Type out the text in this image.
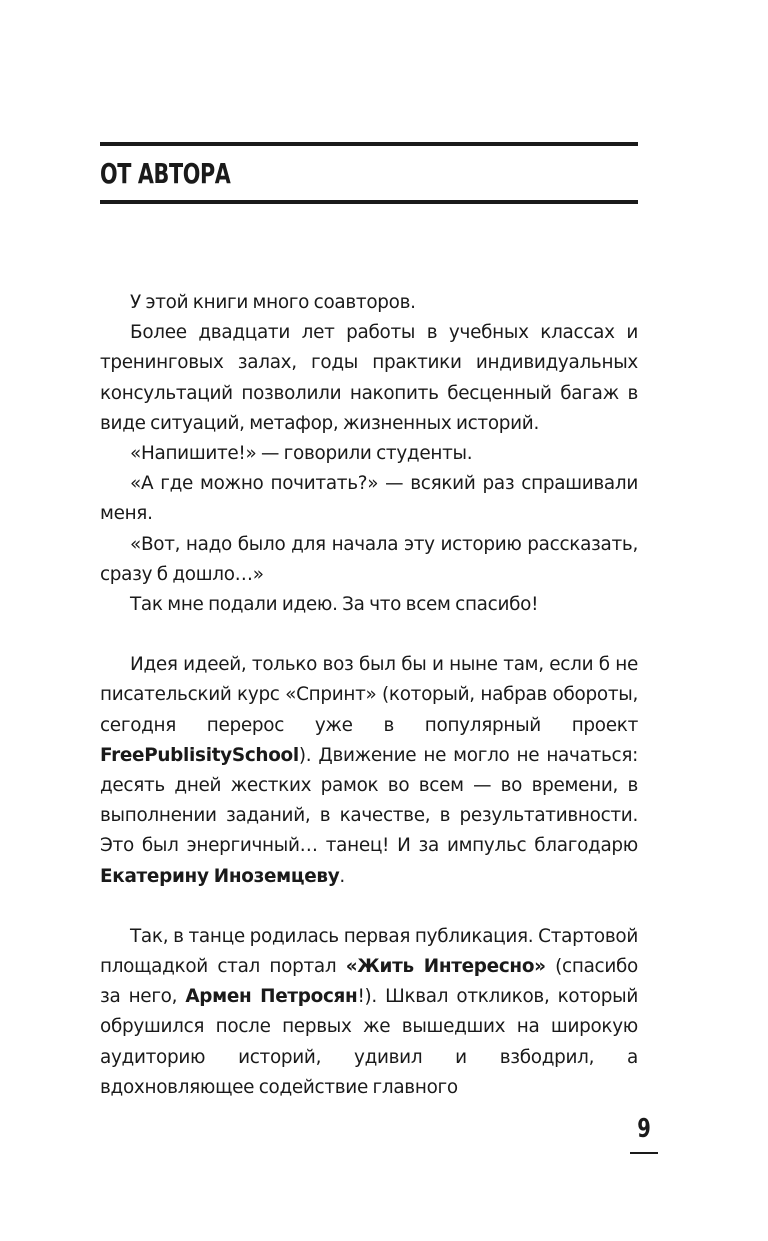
ОТ АВТОРА

У этой книги много соавторов.

Более двадцати лет работы в учебных классах и тренинговых залах, годы практики индивидуальных консультаций позволили накопить бесценный багаж в виде ситуаций, метафор, жизненных историй.

«Напишите!» — говорили студенты.

«А где можно почитать?» — всякий раз спрашивали меня.

«Вот, надо было для начала эту историю рассказать, сразу б дошло…»

Так мне подали идею. За что всем спасибо!

Идея идеей, только воз был бы и ныне там, если б не писательский курс «Спринт» (который, набрав обороты, сегодня перерос уже в популярный проект FreePublisitySchool). Движение не могло не начаться: десять дней жестких рамок во всем — во времени, в выполнении заданий, в качестве, в результативности. Это был энергичный… танец! И за импульс благодарю Екатерину Иноземцеву.

Так, в танце родилась первая публикация. Стартовой площадкой стал портал «Жить Интересно» (спасибо за него, Армен Петросян!). Шквал откликов, который обрушился после первых же вышедших на широкую аудиторию историй, удивил и взбодрил, а вдохновляющее содействие главного

9
